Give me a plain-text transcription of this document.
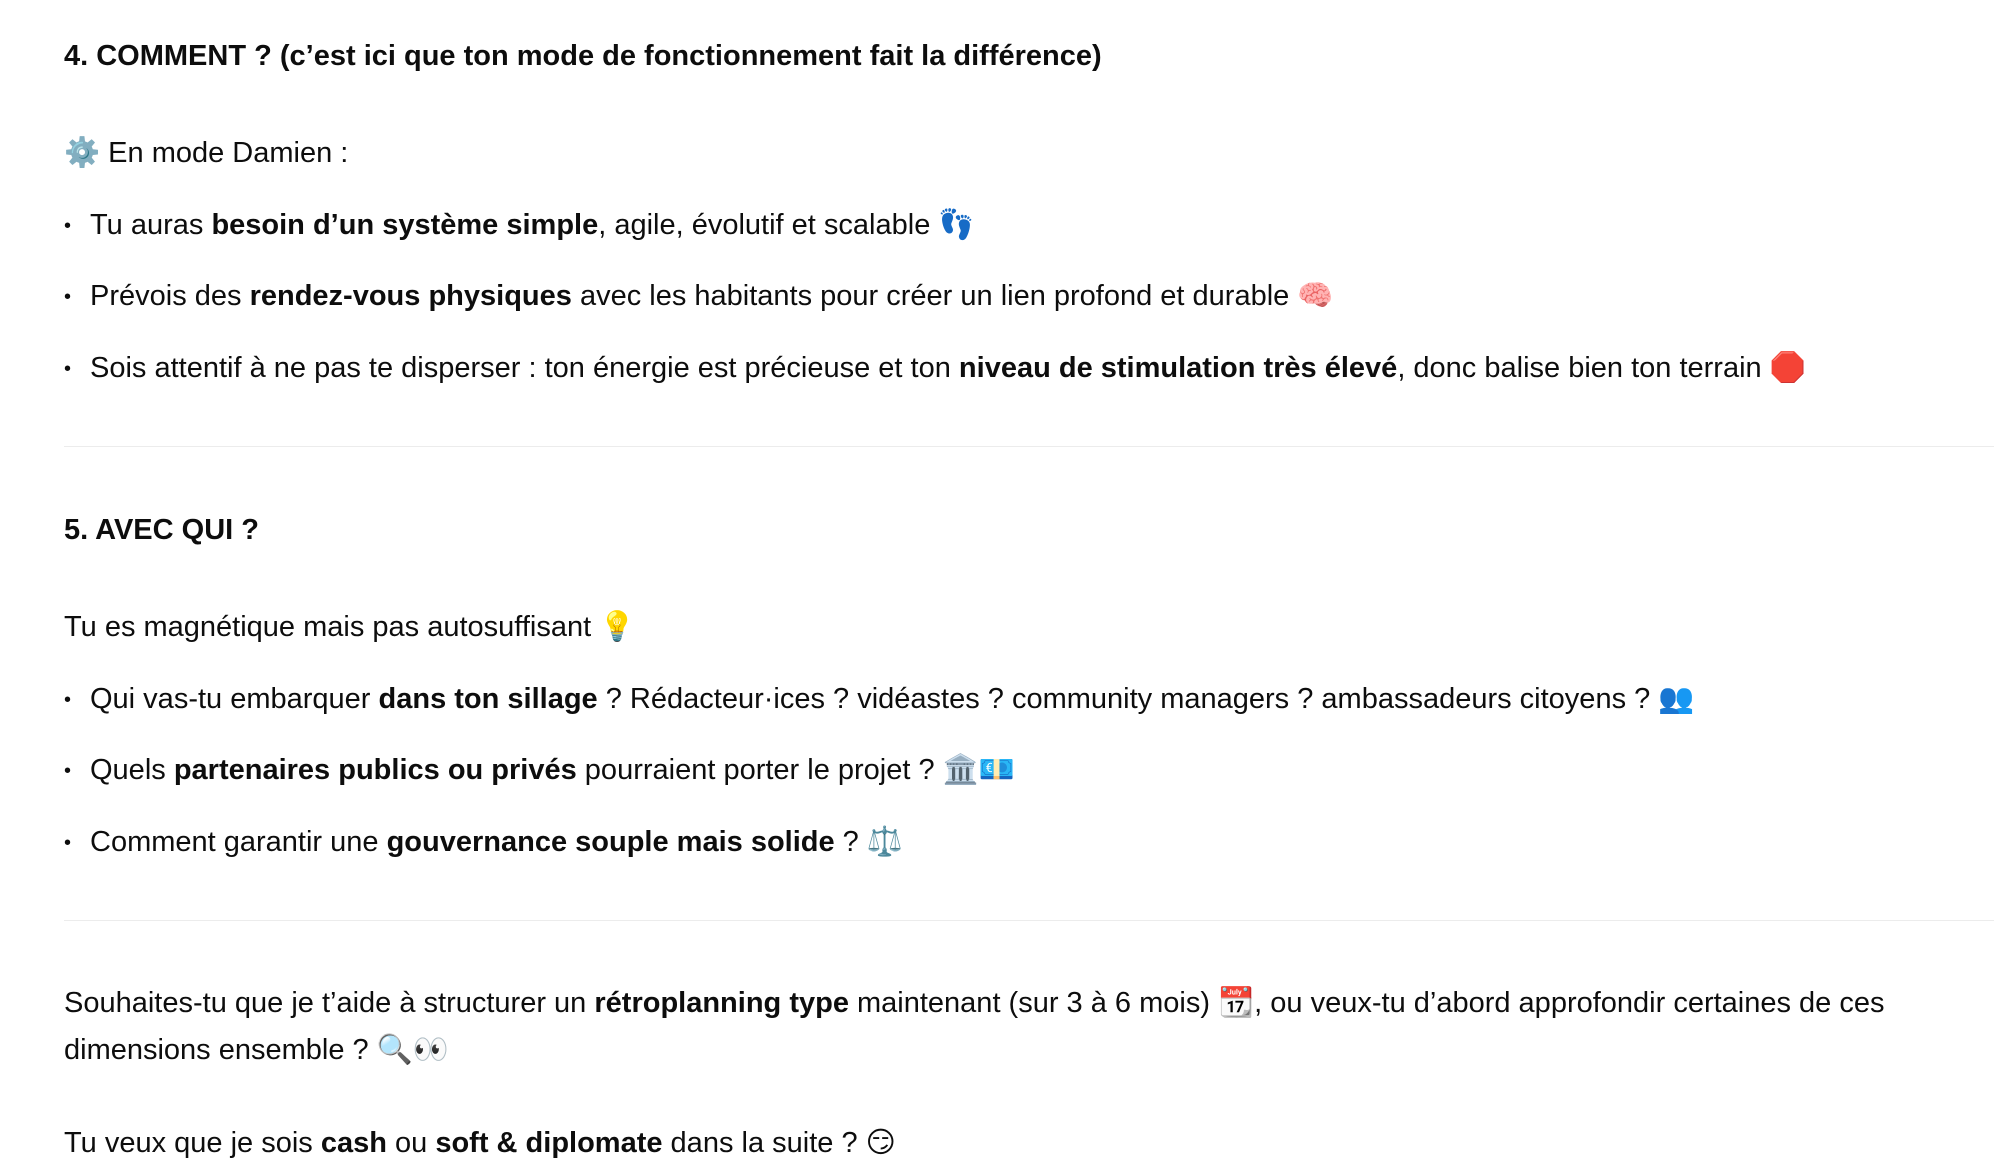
4. COMMENT ? (c’est ici que ton mode de fonctionnement fait la différence)

⚙️ En mode Damien :

• Tu auras besoin d’un système simple, agile, évolutif et scalable 👣

• Prévois des rendez-vous physiques avec les habitants pour créer un lien profond et durable 🧠

• Sois attentif à ne pas te disperser : ton énergie est précieuse et ton niveau de stimulation très élevé, donc balise bien ton terrain 🛑

5. AVEC QUI ?

Tu es magnétique mais pas autosuffisant 💡

• Qui vas-tu embarquer dans ton sillage ? Rédacteur·ices ? vidéastes ? community managers ? ambassadeurs citoyens ? 👥

• Quels partenaires publics ou privés pourraient porter le projet ? 🏛️💶

• Comment garantir une gouvernance souple mais solide ? ⚖️

Souhaites-tu que je t’aide à structurer un rétroplanning type maintenant (sur 3 à 6 mois) 📆, ou veux-tu d’abord approfondir certaines de ces dimensions ensemble ? 🔍👀

Tu veux que je sois cash ou soft & diplomate dans la suite ? 😏
